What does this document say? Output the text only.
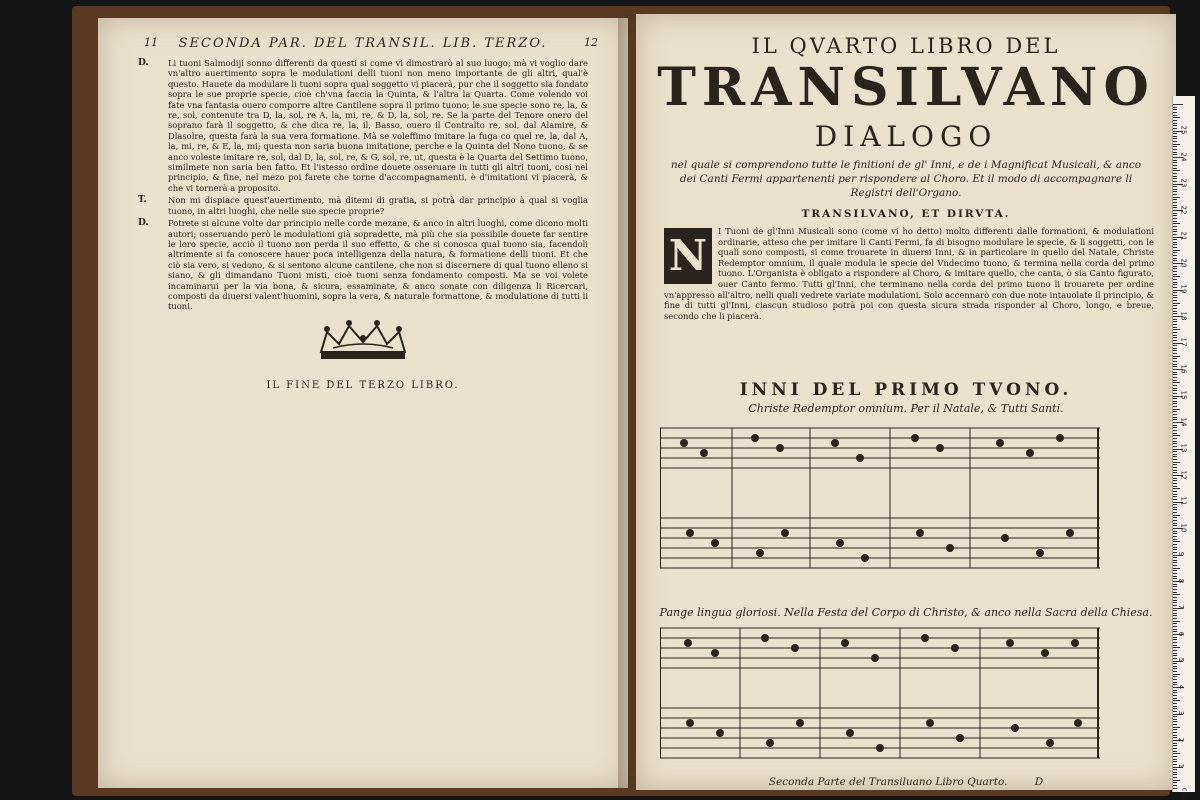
11	SECONDA PAR. DEL TRANSIL. LIB. TERZO.	12
D.	Li tuoni Salmodiji sonno differenti da questi si come vi dimostrarò al suo luogo; mà vi voglio dare vn'altro auertimento sopra le modulationi delli tuoni non meno importante de gli altri, qual'è questo. Hauete da modulare li tuoni sopra qual soggetto vi piacerà, pur che il soggetto sia fondato sopra le sue proprie specie, cioè ch'vna faccia la Quinta, & l'altra la Quarta. Come volendo voi fate vna fantasia ouero comporre altre Cantilene sopra il primo tuono; le sue specie sono re, la, & re, sol, contenute tra D, la, sol, re A, la, mi, re, & D, la, sol, re. Se la parte del Tenore onero del soprano farà il soggetto, & che dica re, la, il, Basso, ouero il Contralto re, sol, dal Alamire, & Dlasolre, questa farà la sua vera formatione. Mà se voleffimo imitare la fuga co quel re, la, dal A, la, mi, re, & E, la, mi; questa non saria buona imitatione, perche e la Quinta del Nono tuono, & se anco voleste imitare re, sol, dal D, la, sol, re, & G, sol, re, ut, questa è la Quarta del Settimo tuono, similmete non saria ben fatto. Et l'istesso ordine douete osseruare in tutti gli altri tuoni, cosi nel principio, & fine, nel mezo poi farete che torne d'accompagnamenti, è d'imitationi vi piacerà, & che vi tornerà a proposito.
T.	Non mi dispiace quest'auertimento, mà ditemi di gratia, si potrà dar principio à qual si voglia tuono, in altri luoghi, che nelle sue specie proprie?
D.	Potrete si alcune volte dar principio nelle corde mezane, & anco in altri luoghi, come dicono molti autori; osseruando però le modulationi già sopradette, mà più che sia possibile douete far sentire le loro specie, acciò il tuono non perda il suo effetto, & che si conosca qual tuono sia, facendoli altrimente si fa conoscere hauer poca intelligenza della natura, & formatione delli tuoni. Et che ciò sia vero, si vedono, & si sentono alcune cantilene, che non si discernere di qual tuono elleno si siano, & gli dimandano Tuoni misti, cioè tuoni senza fondamento composti. Ma se voi volete incaminarui per la via bona, & sicura, essaminate, & anco sonate con diligenza li Ricercari, composti da diuersi valent'huomini, sopra la vera, & naturale formattone, & modulatione di tutti li tuoni.
IL FINE DEL TERZO LIBRO.
IL QVARTO LIBRO DEL
TRANSILVANO
DIALOGO
nel quale si comprendono tutte le finitioni de gl' Inni, e de i Magnificat Musicali, & anco dei Canti Fermi appartenenti per rispondere al Choro. Et il modo di accompagnare li Registri dell'Organo.
TRANSILVANO, ET DIRVTA.
N	I Tuoni de gl'Inni Musicali sono (come vi ho detto) molto differenti dalle formationi, & modulationi ordinarie, atteso che per imitare li Canti Fermi, fa di bisogno modulare le specie, & li soggetti, con le quali sono composti, si come trouarete in diuersi Inni, & in particolare in quello del Natale, Christe Redemptor omnium, il quale modula le specie del Vndecimo tuono, & termina nella corda del primo tuono. L'Organista è obligato a rispondere al Choro, & imitare quello, che canta, ò sia Canto figurato, ouer Canto fermo. Tutti gl'Inni, che terminano nella corda del primo tuono li trouarete per ordine vn'appresso all'altro, nelli quali vedrete variate modulationi. Solo accennarò con due note intauolate il principio, & fine di tutti gl'Inni, ciascun studioso potrà poi con questa sicura strada risponder al Choro, longo, e breue, secondo che li piacerà.
INNI DEL PRIMO TVONO.
Christe Redemptor omnium. Per il Natale, & Tutti Santi.
Pange lingua gloriosi. Nella Festa del Corpo di Christo, & anco nella Sacra della Chiesa.
Seconda Parte del Transiluano Libro Quarto.	D
25
24
23
22
21
20
19
18
17
16
15
14
13
12
11
10
9
8
7
6
5
4
3
2
1
cm
